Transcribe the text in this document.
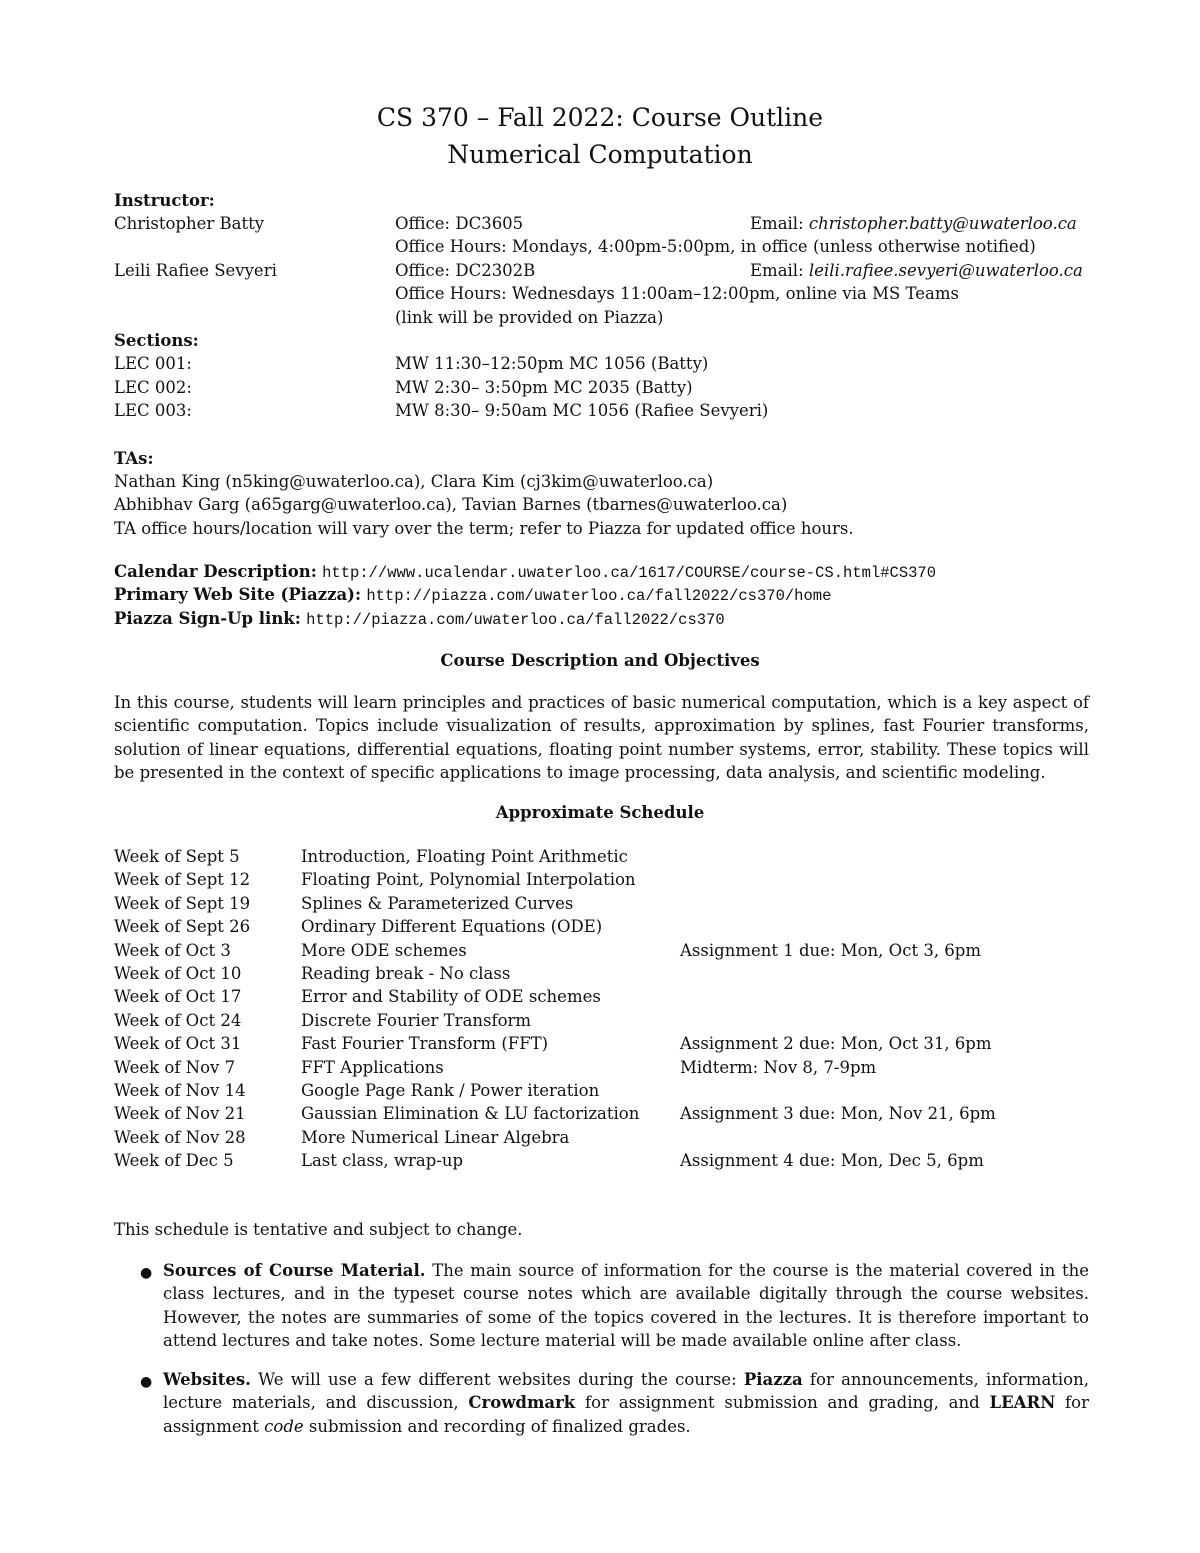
CS 370 – Fall 2022: Course Outline
Numerical Computation
Instructor:
Christopher Batty	Office: DC3605	Email: christopher.batty@uwaterloo.ca
Office Hours: Mondays, 4:00pm-5:00pm, in office (unless otherwise notified)
Leili Rafiee Sevyeri	Office: DC2302B	Email: leili.rafiee.sevyeri@uwaterloo.ca
Office Hours: Wednesdays 11:00am–12:00pm, online via MS Teams
(link will be provided on Piazza)
Sections:
LEC 001:	MW 11:30–12:50pm MC 1056 (Batty)
LEC 002:	MW 2:30– 3:50pm MC 2035 (Batty)
LEC 003:	MW 8:30– 9:50am MC 1056 (Rafiee Sevyeri)
TAs:
Nathan King (n5king@uwaterloo.ca), Clara Kim (cj3kim@uwaterloo.ca)
Abhibhav Garg (a65garg@uwaterloo.ca), Tavian Barnes (tbarnes@uwaterloo.ca)
TA office hours/location will vary over the term; refer to Piazza for updated office hours.
Calendar Description: http://www.ucalendar.uwaterloo.ca/1617/COURSE/course-CS.html#CS370
Primary Web Site (Piazza): http://piazza.com/uwaterloo.ca/fall2022/cs370/home
Piazza Sign-Up link: http://piazza.com/uwaterloo.ca/fall2022/cs370
Course Description and Objectives
In this course, students will learn principles and practices of basic numerical computation, which is a key aspect of scientific computation. Topics include visualization of results, approximation by splines, fast Fourier transforms, solution of linear equations, differential equations, floating point number systems, error, stability. These topics will be presented in the context of specific applications to image processing, data analysis, and scientific modeling.
Approximate Schedule
Week of Sept 5	Introduction, Floating Point Arithmetic
Week of Sept 12	Floating Point, Polynomial Interpolation
Week of Sept 19	Splines & Parameterized Curves
Week of Sept 26	Ordinary Different Equations (ODE)
Week of Oct 3	More ODE schemes	Assignment 1 due: Mon, Oct 3, 6pm
Week of Oct 10	Reading break - No class
Week of Oct 17	Error and Stability of ODE schemes
Week of Oct 24	Discrete Fourier Transform
Week of Oct 31	Fast Fourier Transform (FFT)	Assignment 2 due: Mon, Oct 31, 6pm
Week of Nov 7	FFT Applications	Midterm: Nov 8, 7-9pm
Week of Nov 14	Google Page Rank / Power iteration
Week of Nov 21	Gaussian Elimination & LU factorization Assignment 3 due: Mon, Nov 21, 6pm
Week of Nov 28	More Numerical Linear Algebra
Week of Dec 5	Last class, wrap-up	Assignment 4 due: Mon, Dec 5, 6pm
This schedule is tentative and subject to change.
● Sources of Course Material. The main source of information for the course is the material covered in the class lectures, and in the typeset course notes which are available digitally through the course websites. However, the notes are summaries of some of the topics covered in the lectures. It is therefore important to attend lectures and take notes. Some lecture material will be made available online after class.
● Websites. We will use a few different websites during the course: Piazza for announcements, information, lecture materials, and discussion, Crowdmark for assignment submission and grading, and LEARN for assignment code submission and recording of finalized grades.
